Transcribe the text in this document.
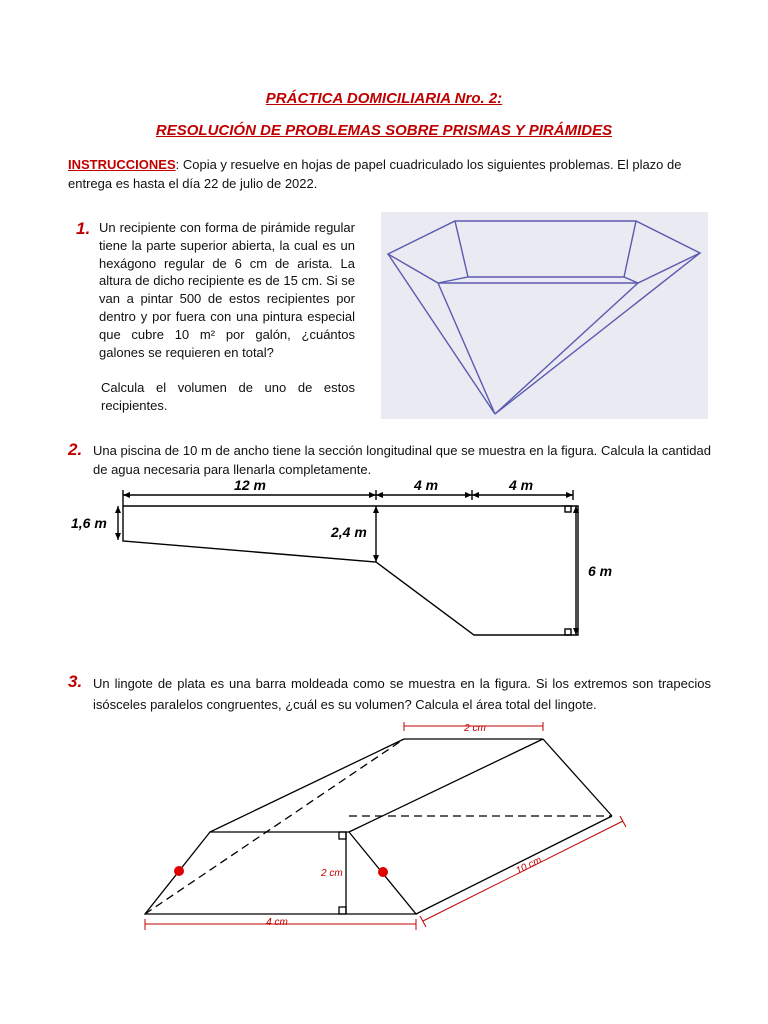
PRÁCTICA DOMICILIARIA Nro. 2:
RESOLUCIÓN DE PROBLEMAS SOBRE PRISMAS Y PIRÁMIDES
INSTRUCCIONES: Copia y resuelve en hojas de papel cuadriculado los siguientes problemas. El plazo de entrega es hasta el día 22 de julio de 2022.
1. Un recipiente con forma de pirámide regular tiene la parte superior abierta, la cual es un hexágono regular de 6 cm de arista. La altura de dicho recipiente es de 15 cm. Si se van a pintar 500 de estos recipientes por dentro y por fuera con una pintura especial que cubre 10 m² por galón, ¿cuántos galones se requieren en total?
Calcula el volumen de uno de estos recipientes.
2. Una piscina de 10 m de ancho tiene la sección longitudinal que se muestra en la figura. Calcula la cantidad de agua necesaria para llenarla completamente.
12 m	4 m	4 m
1,6 m
2,4 m
6 m
3. Un lingote de plata es una barra moldeada como se muestra en la figura. Si los extremos son trapecios isósceles paralelos congruentes, ¿cuál es su volumen? Calcula el área total del lingote.
2 cm
2 cm
4 cm
10 cm
